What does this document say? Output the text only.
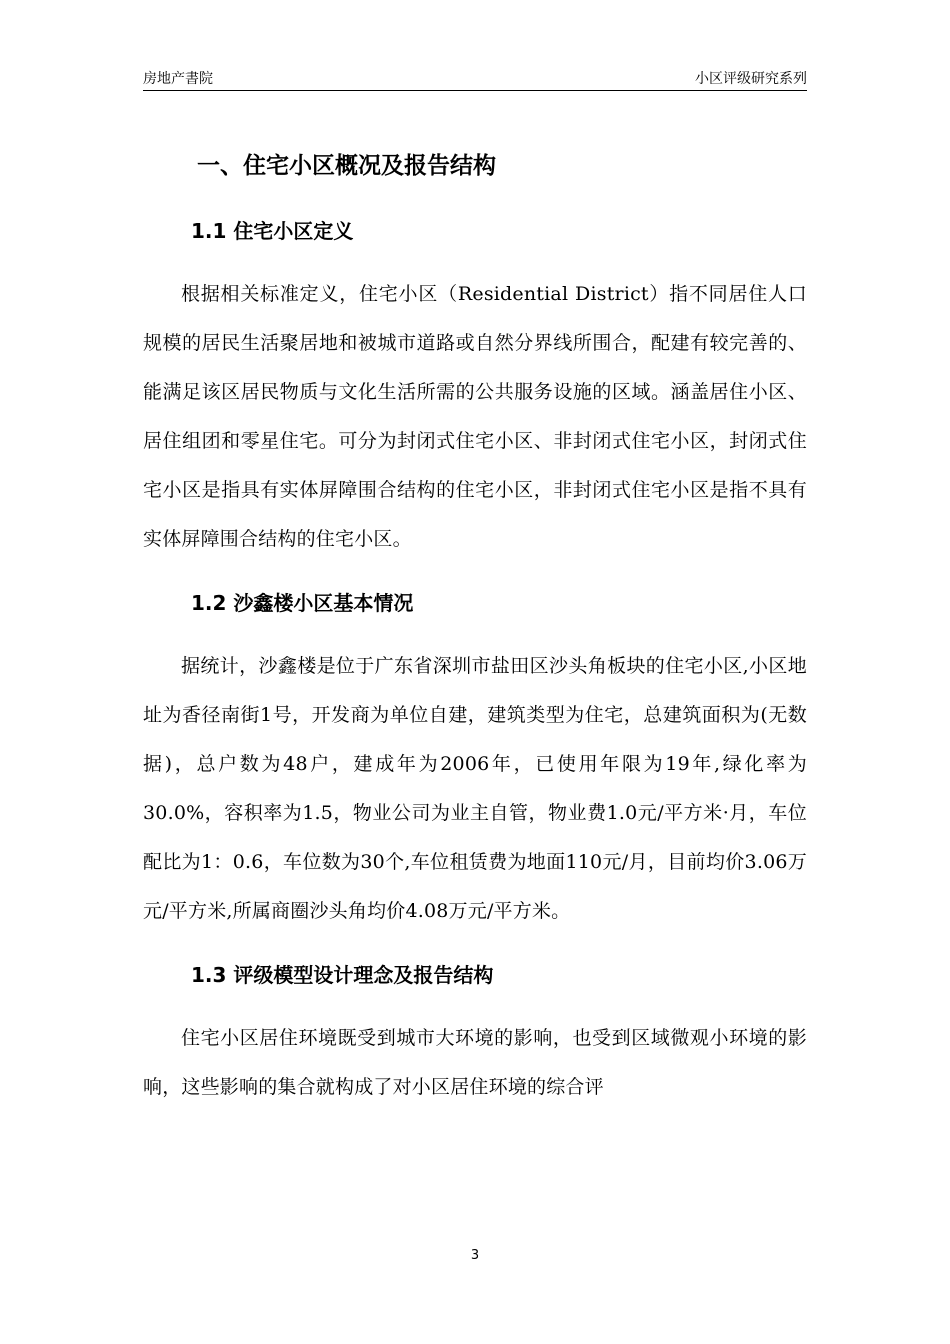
房地产書院	小区评级研究系列
一、住宅小区概况及报告结构
1.1 住宅小区定义

根据相关标准定义，住宅小区（Residential District）指不同居住人口规模的居民生活聚居地和被城市道路或自然分界线所围合，配建有较完善的、能满足该区居民物质与文化生活所需的公共服务设施的区域。涵盖居住小区、居住组团和零星住宅。可分为封闭式住宅小区、非封闭式住宅小区，封闭式住宅小区是指具有实体屏障围合结构的住宅小区，非封闭式住宅小区是指不具有实体屏障围合结构的住宅小区。

1.2 沙鑫楼小区基本情况

据统计，沙鑫楼是位于广东省深圳市盐田区沙头角板块的住宅小区,小区地址为香径南街1号，开发商为单位自建，建筑类型为住宅，总建筑面积为(无数据)，总户数为48户，建成年为2006年，已使用年限为19年,绿化率为30.0%，容积率为1.5，物业公司为业主自管，物业费1.0元/平方米·月，车位配比为1：0.6，车位数为30个,车位租赁费为地面110元/月，目前均价3.06万元/平方米,所属商圈沙头角均价4.08万元/平方米。

1.3 评级模型设计理念及报告结构

住宅小区居住环境既受到城市大环境的影响，也受到区域微观小环境的影响，这些影响的集合就构成了对小区居住环境的综合评

3
